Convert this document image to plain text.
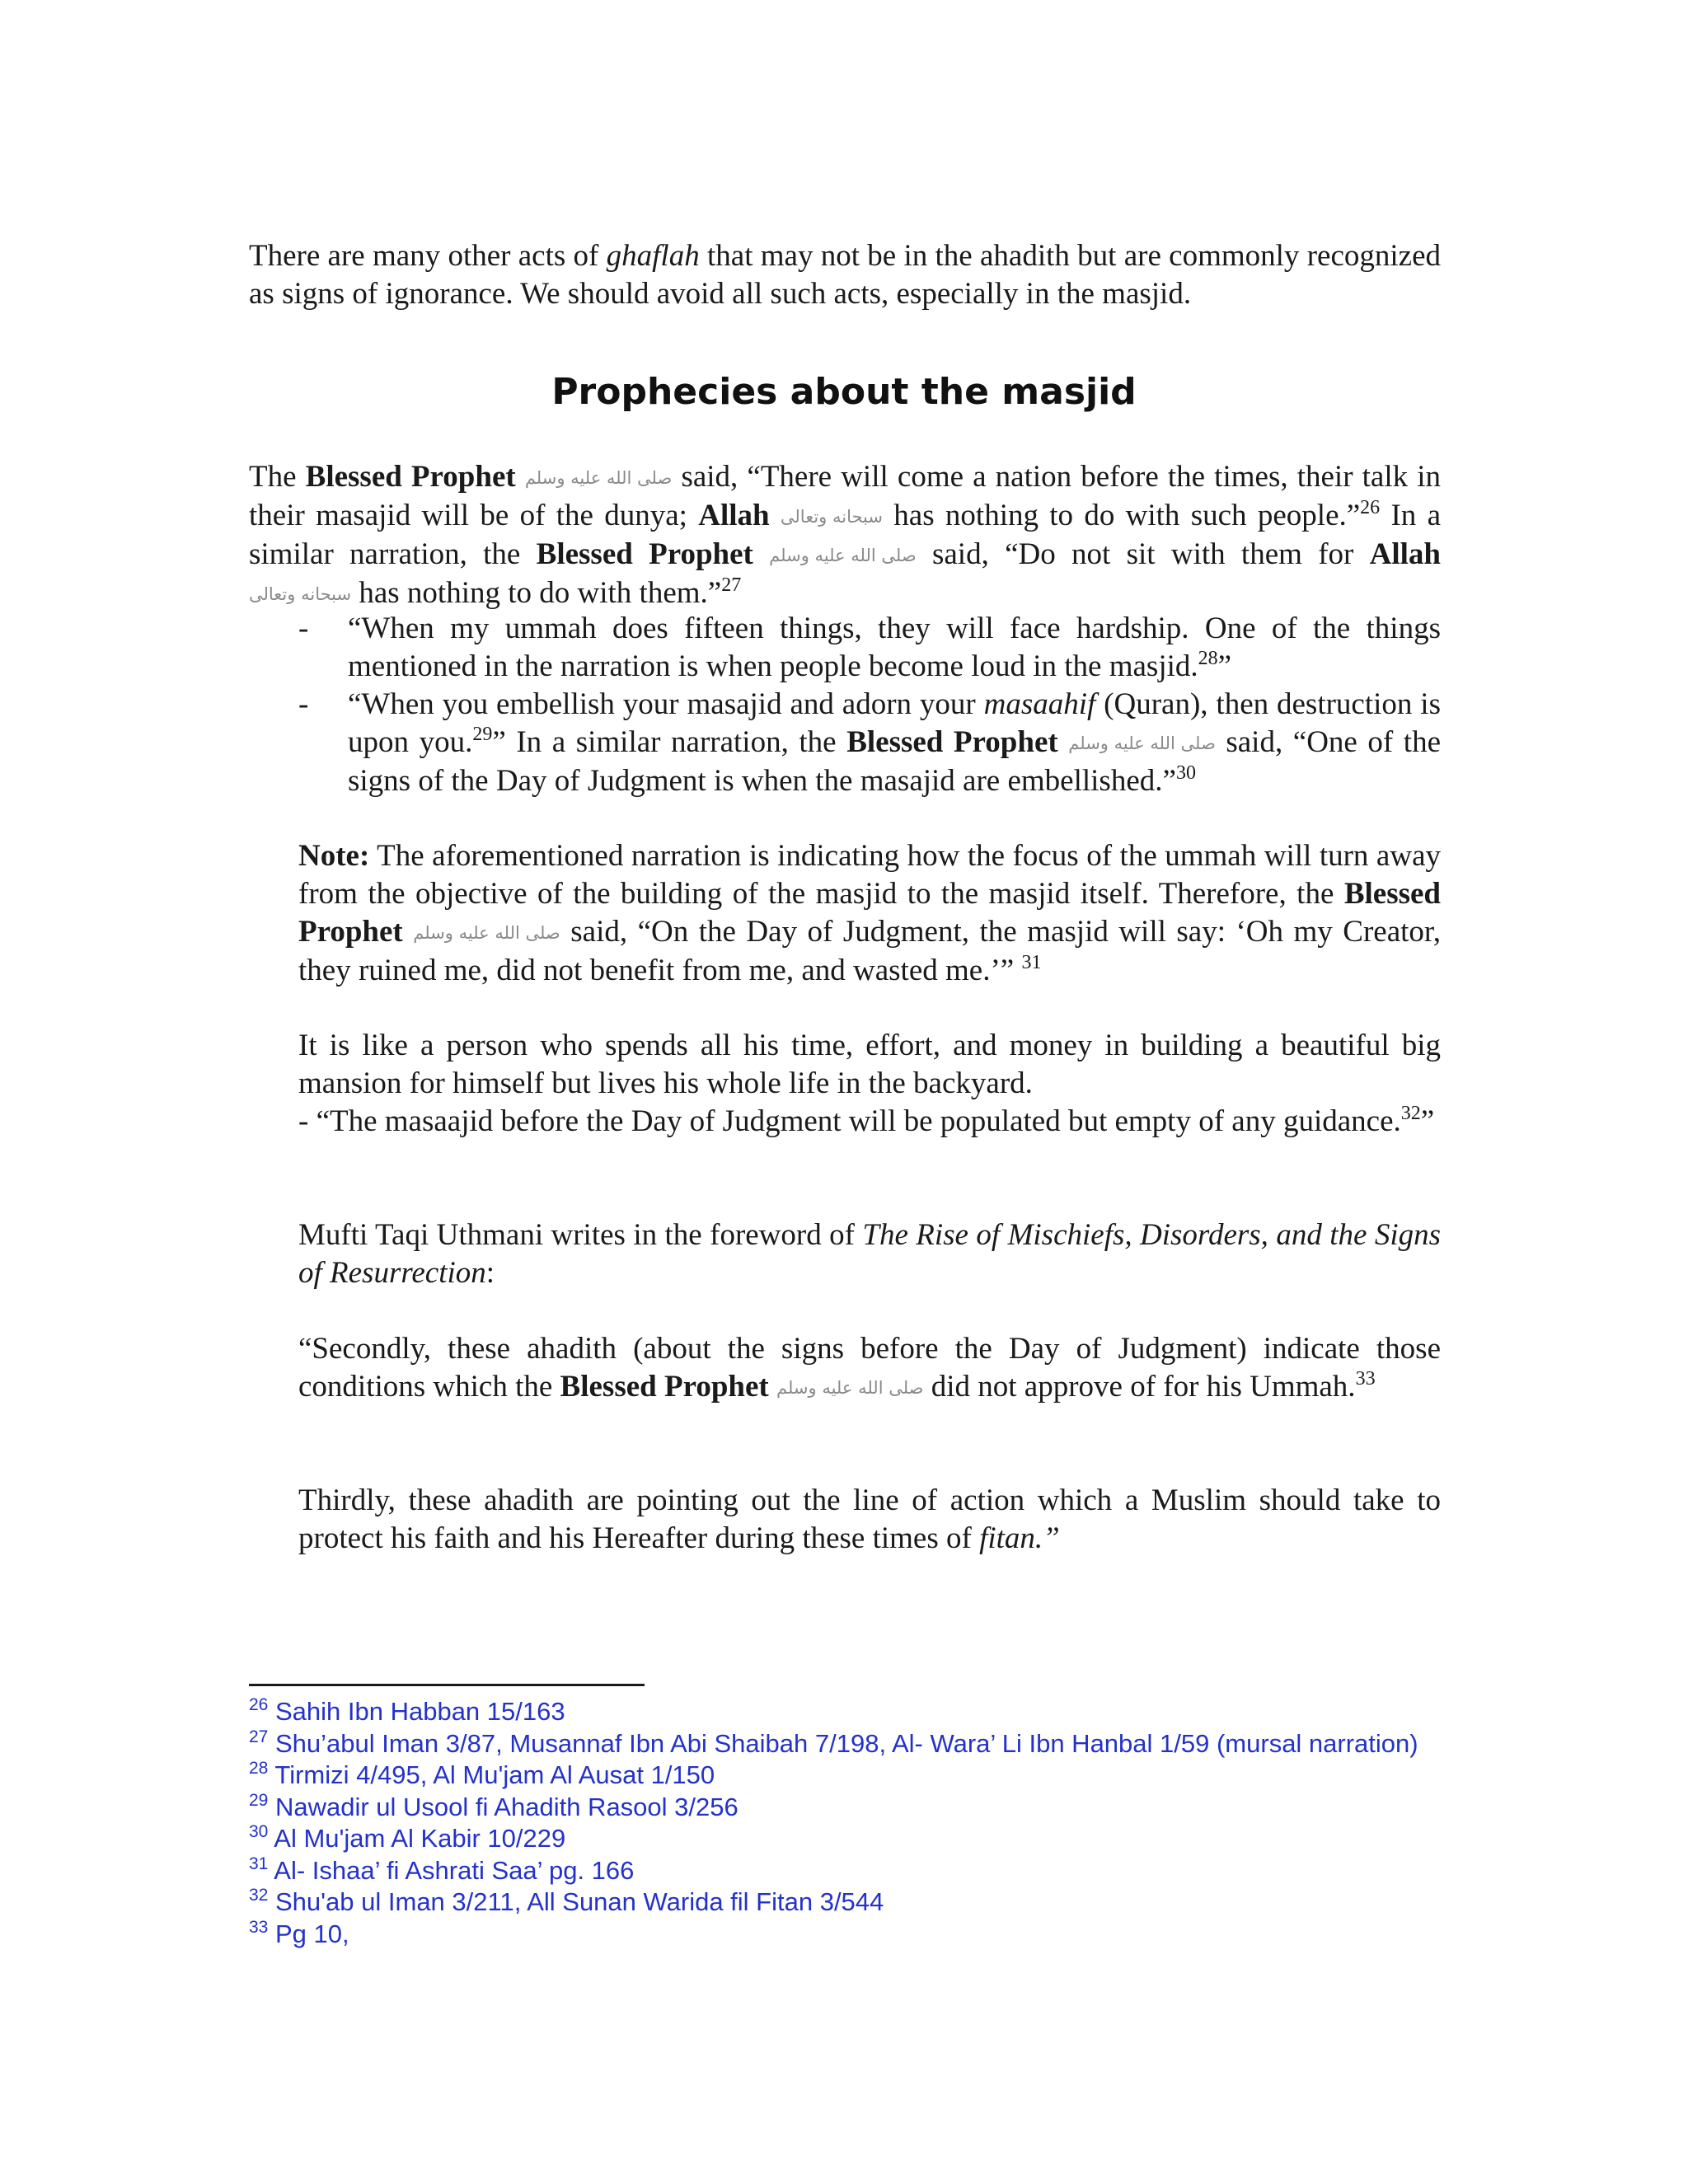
There are many other acts of ghaflah that may not be in the ahadith but are commonly recognized as signs of ignorance. We should avoid all such acts, especially in the masjid.

Prophecies about the masjid

The Blessed Prophet صلى الله عليه وسلم said, “There will come a nation before the times, their talk in their masajid will be of the dunya; Allah سبحانه وتعالى has nothing to do with such people.”$^{26}$ In a similar narration, the Blessed Prophet صلى الله عليه وسلم said, “Do not sit with them for Allah سبحانه وتعالى has nothing to do with them.”$^{27}$

- “When my ummah does fifteen things, they will face hardship. One of the things mentioned in the narration is when people become loud in the masjid.$^{28}$”

- “When you embellish your masajid and adorn your masaahif (Quran), then destruction is upon you.$^{29}$” In a similar narration, the Blessed Prophet صلى الله عليه وسلم said, “One of the signs of the Day of Judgment is when the masajid are embellished.”$^{30}$

Note: The aforementioned narration is indicating how the focus of the ummah will turn away from the objective of the building of the masjid to the masjid itself. Therefore, the Blessed Prophet صلى الله عليه وسلم said, “On the Day of Judgment, the masjid will say: ‘Oh my Creator, they ruined me, did not benefit from me, and wasted me.’” $^{31}$

It is like a person who spends all his time, effort, and money in building a beautiful big mansion for himself but lives his whole life in the backyard.

- “The masaajid before the Day of Judgment will be populated but empty of any guidance.$^{32}$”

Mufti Taqi Uthmani writes in the foreword of The Rise of Mischiefs, Disorders, and the Signs of Resurrection:

“Secondly, these ahadith (about the signs before the Day of Judgment) indicate those conditions which the Blessed Prophet صلى الله عليه وسلم did not approve of for his Ummah.$^{33}$

Thirdly, these ahadith are pointing out the line of action which a Muslim should take to protect his faith and his Hereafter during these times of fitan.”

$^{26}$ Sahih Ibn Habban 15/163

$^{27}$ Shu’abul Iman 3/87, Musannaf Ibn Abi Shaibah 7/198, Al- Wara’ Li Ibn Hanbal 1/59 (mursal narration)

$^{28}$ Tirmizi 4/495, Al Mu'jam Al Ausat 1/150

$^{29}$ Nawadir ul Usool fi Ahadith Rasool 3/256

$^{30}$ Al Mu'jam Al Kabir 10/229

$^{31}$ Al- Ishaa’ fi Ashrati Saa’ pg. 166

$^{32}$ Shu'ab ul Iman 3/211, All Sunan Warida fil Fitan 3/544

$^{33}$ Pg 10,
